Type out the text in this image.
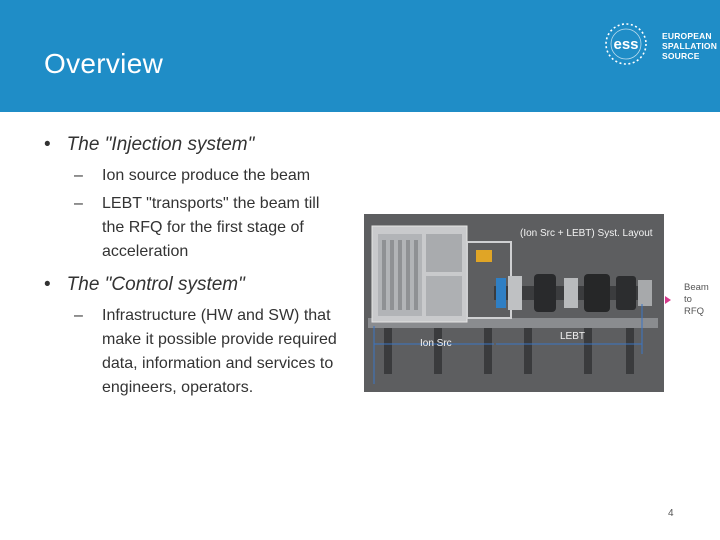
Overview
ess	EUROPEAN
SPALLATION
SOURCE
• The "Injection system"
– Ion source produce the beam
– LEBT "transports" the beam till the RFQ for the first stage of acceleration
• The "Control system"
– Infrastructure (HW and SW) that make it possible provide required data, information and services to engineers, operators.
(Ion Src + LEBT) Syst. Layout
Ion Src
LEBT
Beam
to
RFQ
4
